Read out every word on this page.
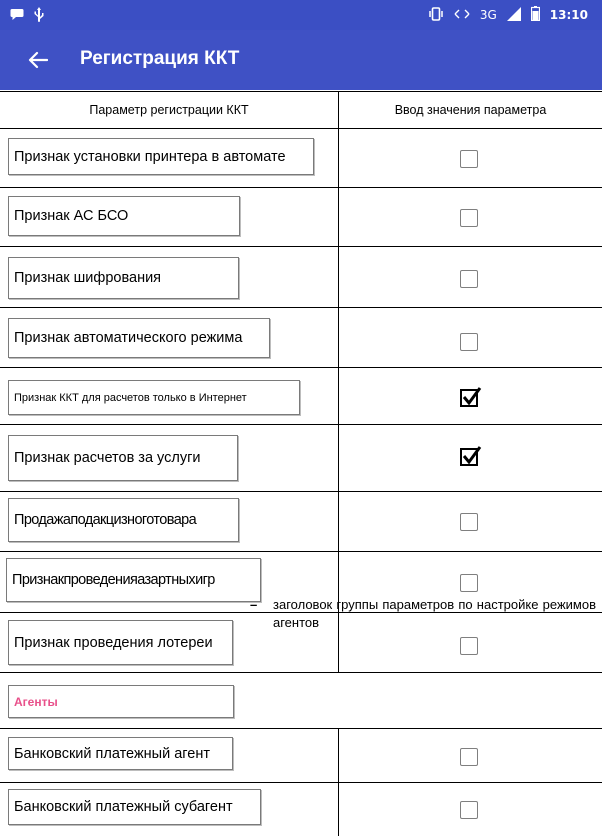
3G	13:10
Регистрация ККТ
Параметр регистрации ККТ	Ввод значения параметра
Признак установки принтера в автомате
Признак АС БСО
Признак шифрования
Признак автоматического режима
Признак ККТ для расчетов только в Интернет
Признак расчетов за услуги
Продажаподакцизноготовара
Признакпроведенияазартныхигр
Признак проведения лотереи
Агенты
Банковский платежный агент
Банковский платежный субагент
– заголовок группы параметров по настройке режимов агентов
